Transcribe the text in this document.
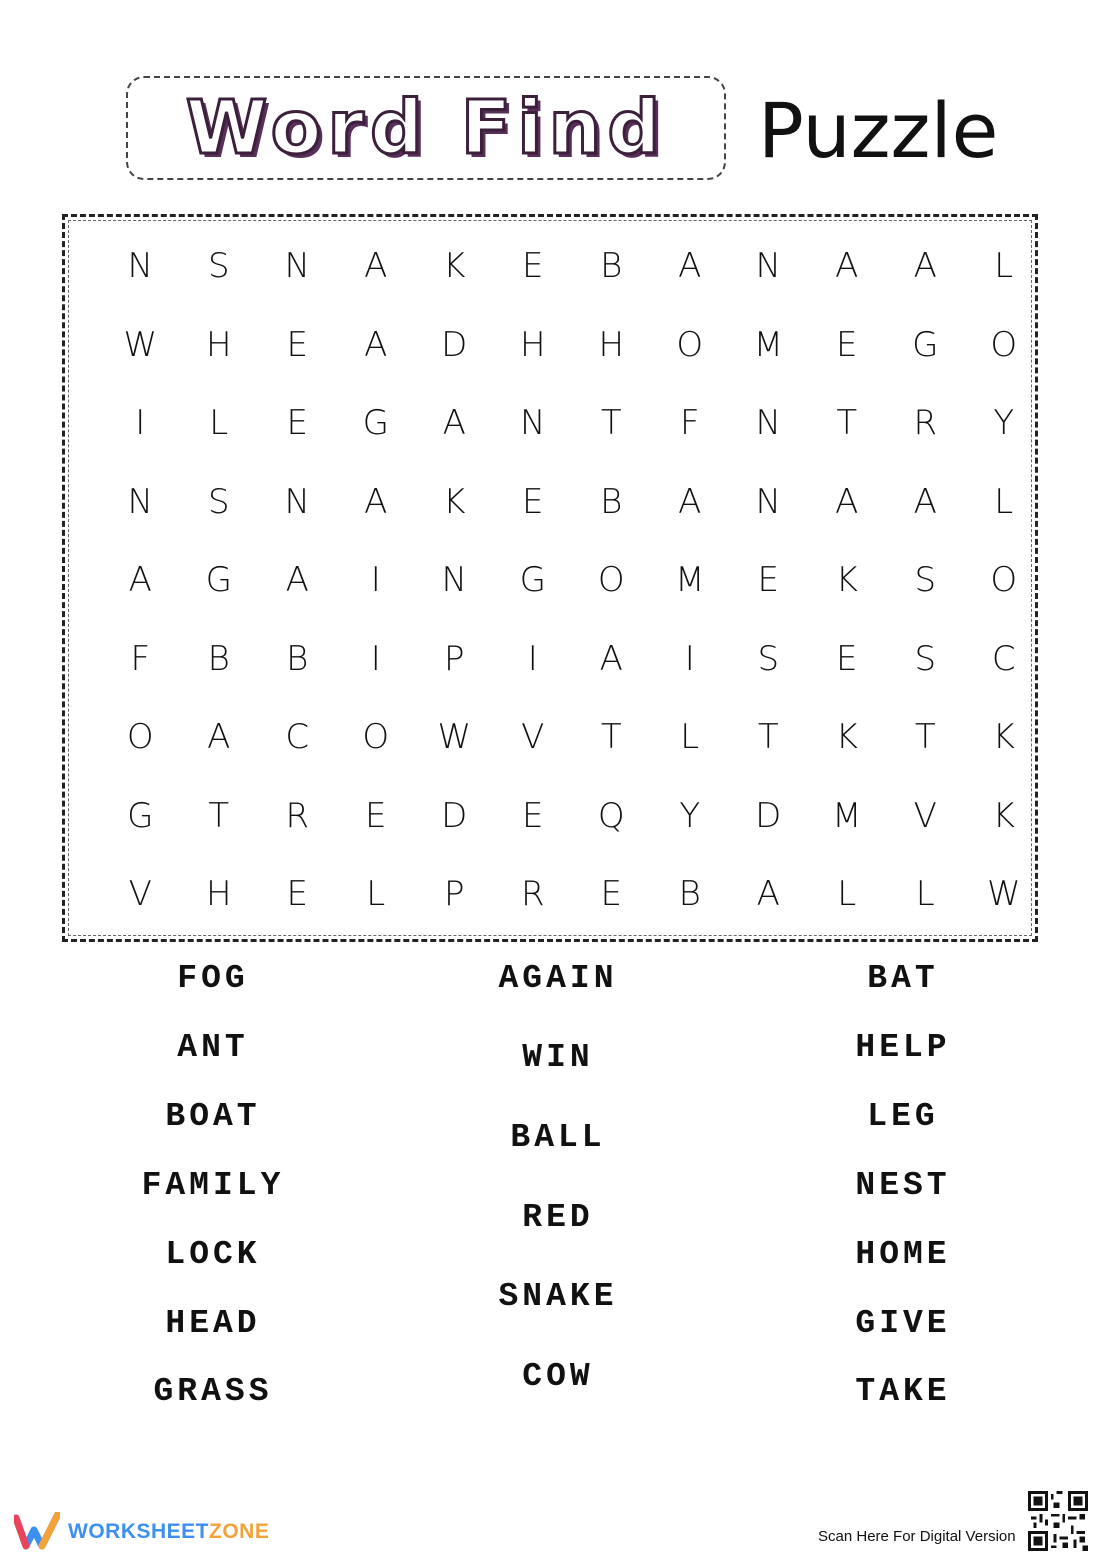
Word Find Puzzle
N	S	N	A	K	E	B	A	N	A	A	L
W	H	E	A	D	H	H	O	M	E	G	O
I	L	E	G	A	N	T	F	N	T	R	Y
N	S	N	A	K	E	B	A	N	A	A	L
A	G	A	I	N	G	O	M	E	K	S	O
F	B	B	I	P	I	A	I	S	E	S	C
O	A	C	O	W	V	T	L	T	K	T	K
G	T	R	E	D	E	Q	Y	D	M	V	K
V	H	E	L	P	R	E	B	A	L	L	W
FOG
ANT
BOAT
FAMILY
LOCK
HEAD
GRASS
AGAIN
WIN
BALL
RED
SNAKE
COW
BAT
HELP
LEG
NEST
HOME
GIVE
TAKE
WORKSHEETZONE	Scan Here For Digital Version
